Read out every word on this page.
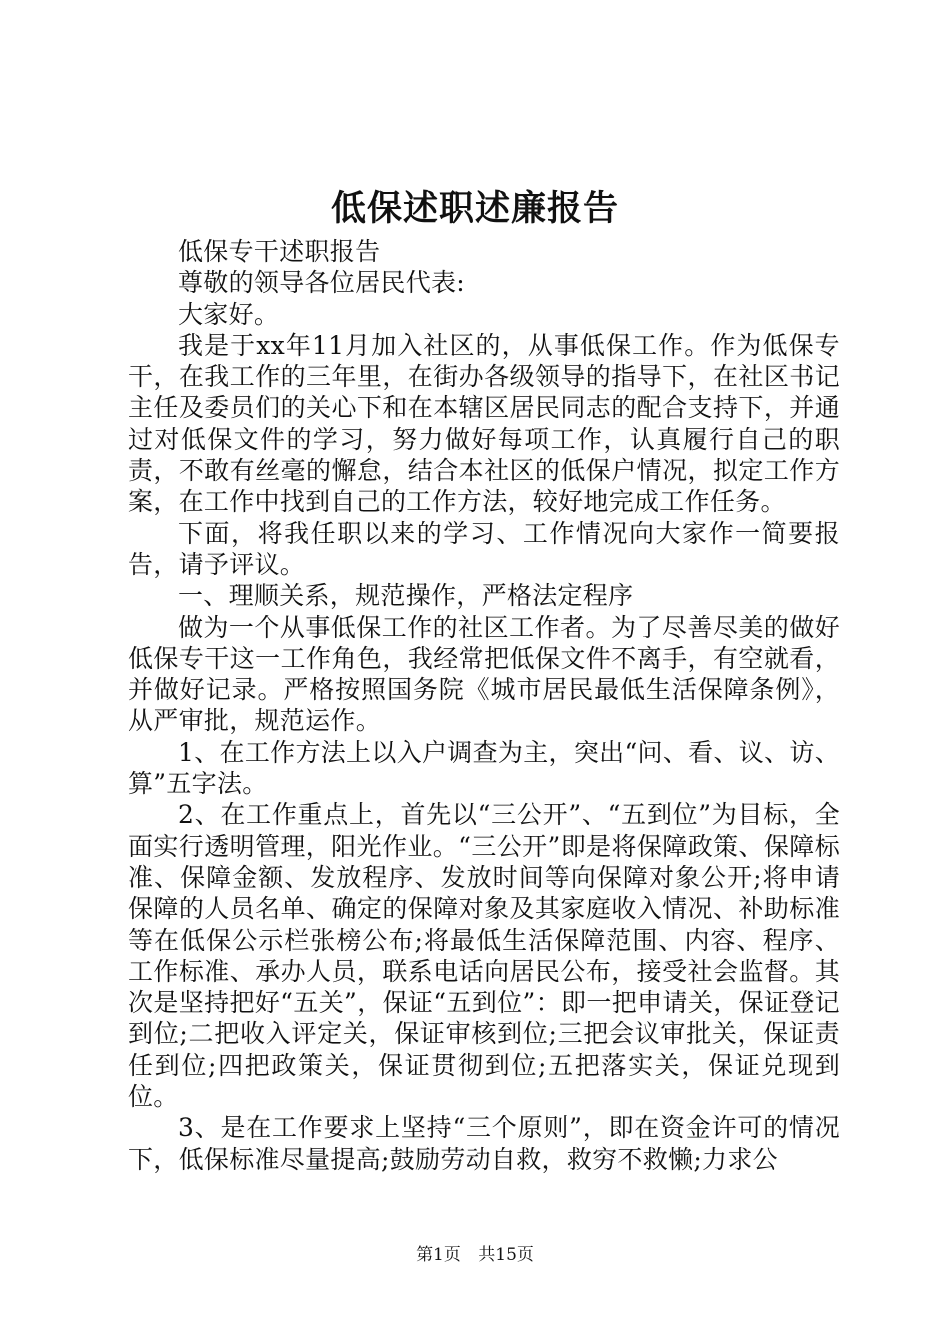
低保述职述廉报告

低保专干述职报告

尊敬的领导各位居民代表:

大家好。

我是于xx年11月加入社区的，从事低保工作。作为低保专干，在我工作的三年里，在街办各级领导的指导下，在社区书记主任及委员们的关心下和在本辖区居民同志的配合支持下，并通过对低保文件的学习，努力做好每项工作，认真履行自己的职责，不敢有丝毫的懈怠，结合本社区的低保户情况，拟定工作方案，在工作中找到自己的工作方法，较好地完成工作任务。

下面，将我任职以来的学习、工作情况向大家作一简要报告，请予评议。

一、理顺关系，规范操作，严格法定程序

做为一个从事低保工作的社区工作者。为了尽善尽美的做好低保专干这一工作角色，我经常把低保文件不离手，有空就看，并做好记录。严格按照国务院《城市居民最低生活保障条例》，从严审批，规范运作。

1、在工作方法上以入户调查为主，突出“问、看、议、访、算”五字法。

2、在工作重点上，首先以“三公开”、“五到位”为目标，全面实行透明管理，阳光作业。“三公开”即是将保障政策、保障标准、保障金额、发放程序、发放时间等向保障对象公开;将申请保障的人员名单、确定的保障对象及其家庭收入情况、补助标准等在低保公示栏张榜公布;将最低生活保障范围、内容、程序、工作标准、承办人员，联系电话向居民公布，接受社会监督。其次是坚持把好“五关”，保证“五到位”：即一把申请关，保证登记到位;二把收入评定关，保证审核到位;三把会议审批关，保证责任到位;四把政策关，保证贯彻到位;五把落实关，保证兑现到位。

3、是在工作要求上坚持“三个原则”，即在资金许可的情况下，低保标准尽量提高;鼓励劳动自救，救穷不救懒;力求公

第1页 共15页
